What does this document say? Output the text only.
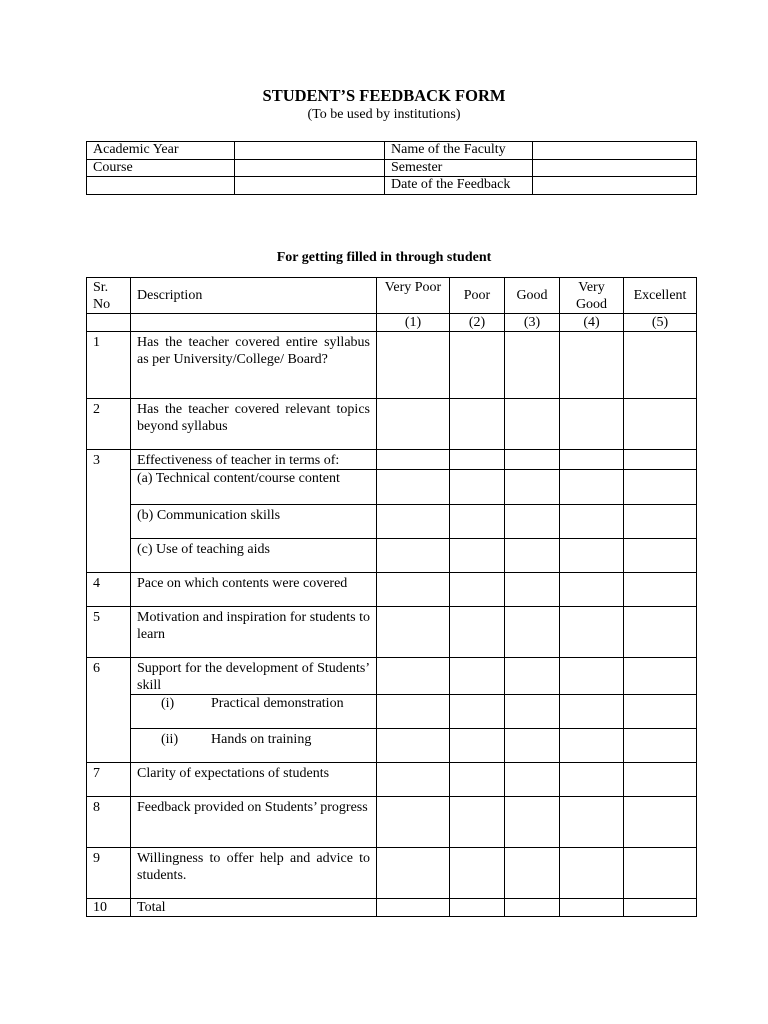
STUDENT’S FEEDBACK FORM
(To be used by institutions)
Academic Year		Name of the Faculty	
Course		Semester	
		Date of the Feedback	
For getting filled in through student
Sr. No	Description	Very Poor	Poor	Good	Very Good	Excellent
		(1)	(2)	(3)	(4)	(5)
1	Has the teacher covered entire syllabus as per University/College/ Board?					
2	Has the teacher covered relevant topics beyond syllabus					
3	Effectiveness of teacher in terms of:					
	(a) Technical content/course content					
	(b) Communication skills					
	(c) Use of teaching aids					
4	Pace on which contents were covered					
5	Motivation and inspiration for students to learn					
6	Support for the development of Students’ skill					
	(i) Practical demonstration					
	(ii) Hands on training					
7	Clarity of expectations of students					
8	Feedback provided on Students’ progress					
9	Willingness to offer help and advice to students.					
10	Total					
